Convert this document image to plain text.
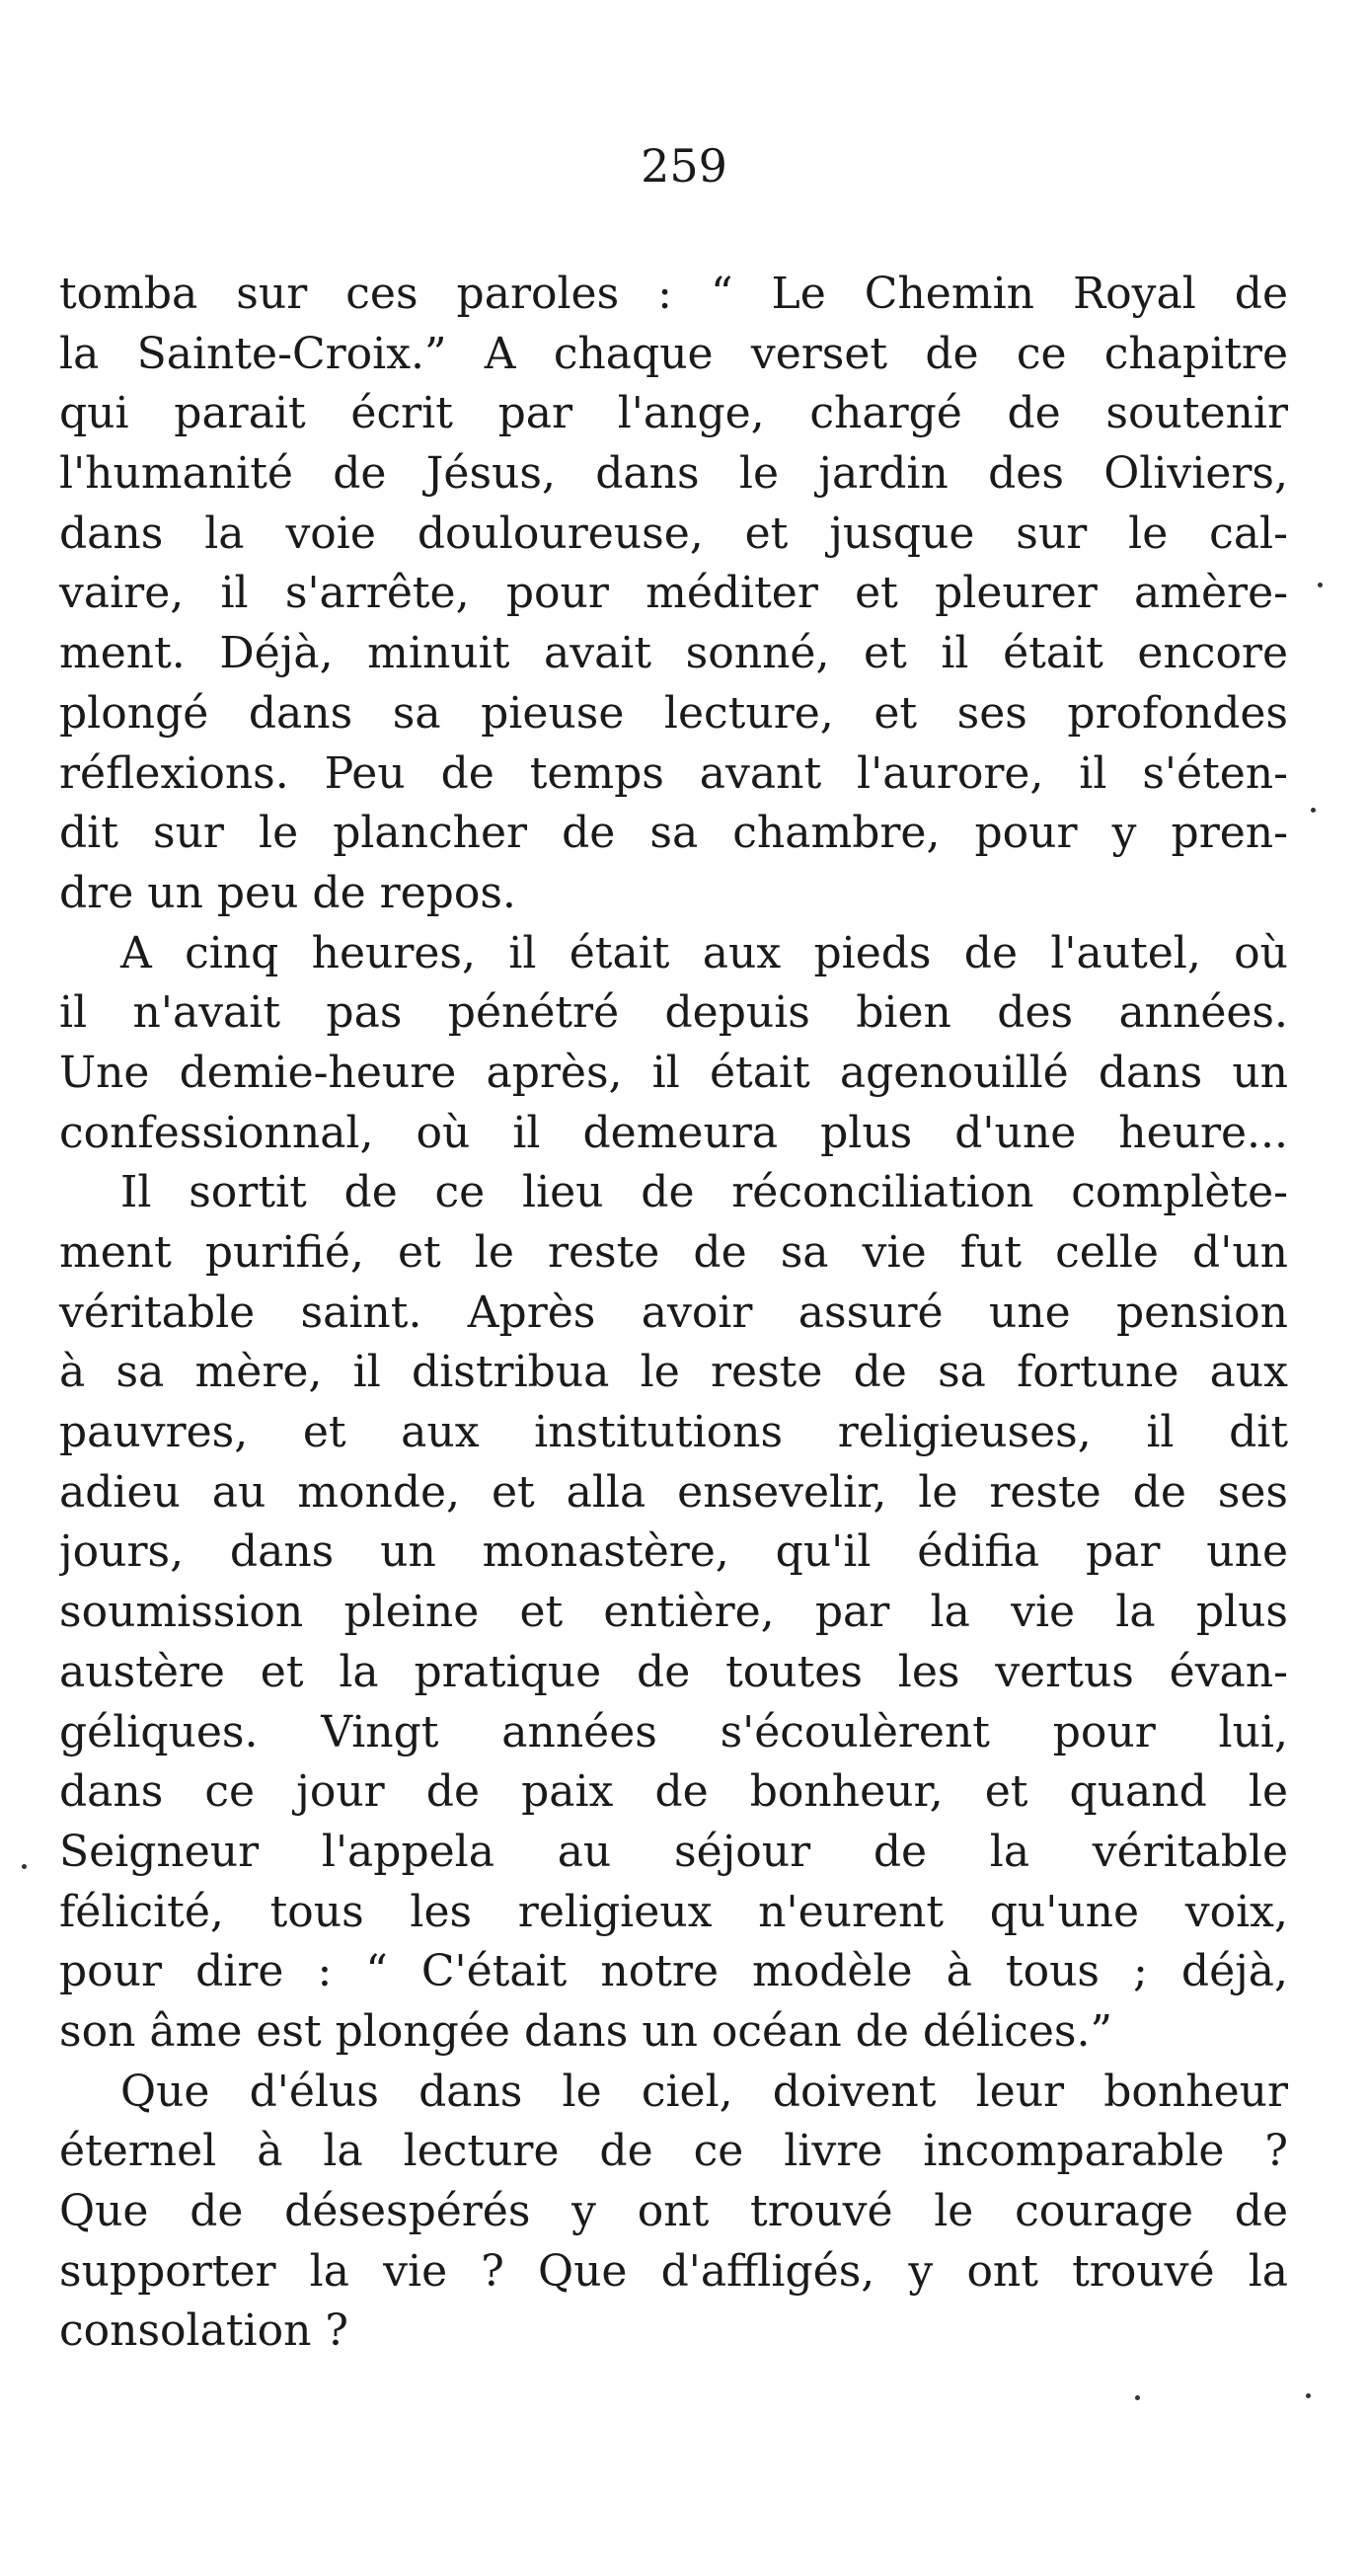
259
tomba sur ces paroles : “ Le Chemin Royal de
la Sainte-Croix.” A chaque verset de ce chapitre
qui parait écrit par l'ange, chargé de soutenir
l'humanité de Jésus, dans le jardin des Oliviers,
dans la voie douloureuse, et jusque sur le cal-
vaire, il s'arrête, pour méditer et pleurer amère-
ment. Déjà, minuit avait sonné, et il était encore
plongé dans sa pieuse lecture, et ses profondes
réflexions. Peu de temps avant l'aurore, il s'éten-
dit sur le plancher de sa chambre, pour y pren-
dre un peu de repos.
A cinq heures, il était aux pieds de l'autel, où
il n'avait pas pénétré depuis bien des années.
Une demie-heure après, il était agenouillé dans un
confessionnal, où il demeura plus d'une heure...
Il sortit de ce lieu de réconciliation complète-
ment purifié, et le reste de sa vie fut celle d'un
véritable saint. Après avoir assuré une pension
à sa mère, il distribua le reste de sa fortune aux
pauvres, et aux institutions religieuses, il dit
adieu au monde, et alla ensevelir, le reste de ses
jours, dans un monastère, qu'il édifia par une
soumission pleine et entière, par la vie la plus
austère et la pratique de toutes les vertus évan-
géliques. Vingt années s'écoulèrent pour lui,
dans ce jour de paix de bonheur, et quand le
Seigneur l'appela au séjour de la véritable
félicité, tous les religieux n'eurent qu'une voix,
pour dire : “ C'était notre modèle à tous ; déjà,
son âme est plongée dans un océan de délices.”
Que d'élus dans le ciel, doivent leur bonheur
éternel à la lecture de ce livre incomparable ?
Que de désespérés y ont trouvé le courage de
supporter la vie ? Que d'affligés, y ont trouvé la
consolation ?
